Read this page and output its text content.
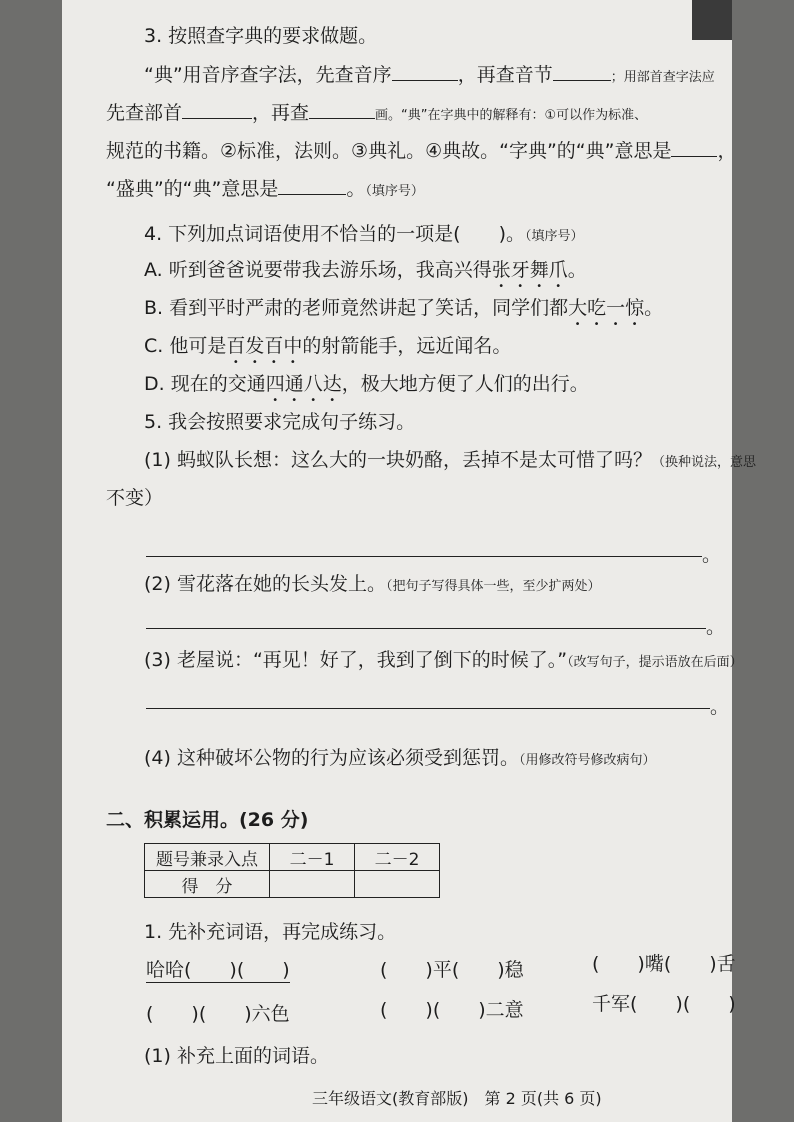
3. 按照查字典的要求做题。
“典”用音序查字法，先查音序	，再查音节	；用部首查字法应
先查部首	，再查	画。“典”在字典中的解释有：①可以作为标准、
规范的书籍。②标准，法则。③典礼。④典故。“字典”的“典”意思是 ，
“盛典”的“典”意思是	。（填序号）
4. 下列加点词语使用不恰当的一项是(　　)。（填序号）
A. 听到爸爸说要带我去游乐场，我高兴得张牙舞爪。
B. 看到平时严肃的老师竟然讲起了笑话，同学们都大吃一惊。
C. 他可是百发百中的射箭能手，远近闻名。
D. 现在的交通四通八达，极大地方便了人们的出行。
5. 我会按照要求完成句子练习。
(1) 蚂蚁队长想：这么大的一块奶酪，丢掉不是太可惜了吗？（换种说法，意思
不变）
。
(2) 雪花落在她的长头发上。（把句子写得具体一些，至少扩两处）
。
(3) 老屋说：“再见！好了，我到了倒下的时候了。”（改写句子，提示语放在后面）
。
(4) 这种破坏公物的行为应该必须受到惩罚。（用修改符号修改病句）
二、积累运用。(26 分)
题号兼录入点	二－1	二－2
得　分		
1. 先补充词语，再完成练习。
哈哈(　　)(　　)	(　　)平(　　)稳	(　　)嘴(　　)舌
(　　)(　　)六色	(　　)(　　)二意	千军(　　)(　　)
(1) 补充上面的词语。
三年级语文(教育部版)　第 2 页(共 6 页)
